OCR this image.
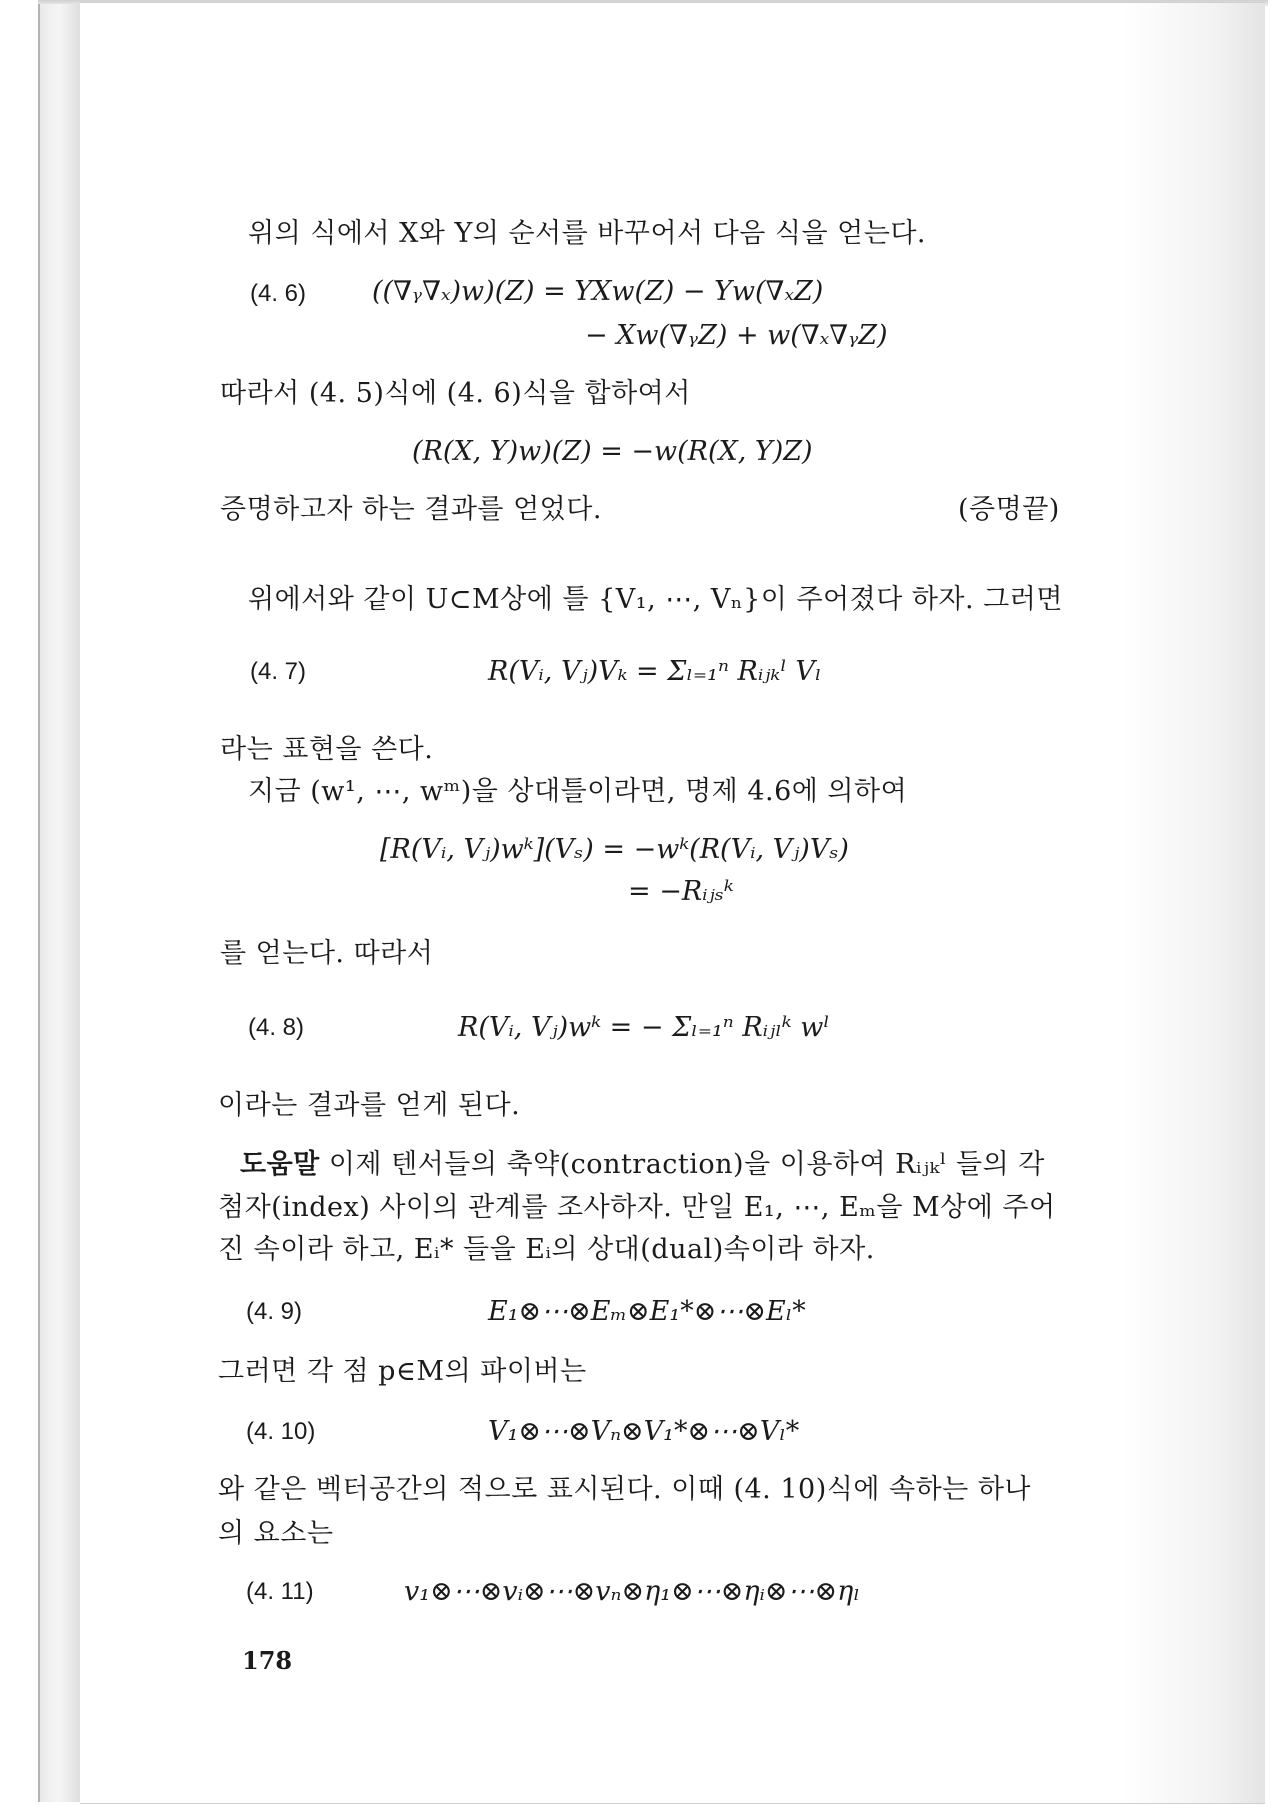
위의 식에서 X와 Y의 순서를 바꾸어서 다음 식을 얻는다.
(4. 6) ((∇ᵧ∇ₓ)w)(Z) = YXw(Z) − Yw(∇ₓZ)
− Xw(∇ᵧZ) + w(∇ₓ∇ᵧZ)
따라서 (4. 5)식에 (4. 6)식을 합하여서
(R(X, Y)w)(Z) = −w(R(X, Y)Z)
증명하고자 하는 결과를 얻었다.	(증명끝)
위에서와 같이 U⊂M상에 틀 {V₁, ⋯, Vₙ}이 주어졌다 하자. 그러면
(4. 7)	R(Vᵢ, Vⱼ)Vₖ = Σₗ₌₁ⁿ Rᵢⱼₖˡ Vₗ
라는 표현을 쓴다.
지금 (w¹, ⋯, wᵐ)을 상대틀이라면, 명제 4.6에 의하여
[R(Vᵢ, Vⱼ)wᵏ](Vₛ) = −wᵏ(R(Vᵢ, Vⱼ)Vₛ)
= −Rᵢⱼₛᵏ
를 얻는다. 따라서
(4. 8)	R(Vᵢ, Vⱼ)wᵏ = − Σₗ₌₁ⁿ Rᵢⱼₗᵏ wˡ
이라는 결과를 얻게 된다.
도움말 이제 텐서들의 축약(contraction)을 이용하여 Rᵢⱼₖˡ 들의 각
첨자(index) 사이의 관계를 조사하자. 만일 E₁, ⋯, Eₘ을 M상에 주어
진 속이라 하고, Eᵢ* 들을 Eᵢ의 상대(dual)속이라 하자.
(4. 9)	E₁⊗⋯⊗Eₘ⊗E₁*⊗⋯⊗Eₗ*
그러면 각 점 p∈M의 파이버는
(4. 10)	V₁⊗⋯⊗Vₙ⊗V₁*⊗⋯⊗Vₗ*
와 같은 벡터공간의 적으로 표시된다. 이때 (4. 10)식에 속하는 하나
의 요소는
(4. 11)	v₁⊗⋯⊗vᵢ⊗⋯⊗vₙ⊗η₁⊗⋯⊗ηᵢ⊗⋯⊗ηₗ
178
